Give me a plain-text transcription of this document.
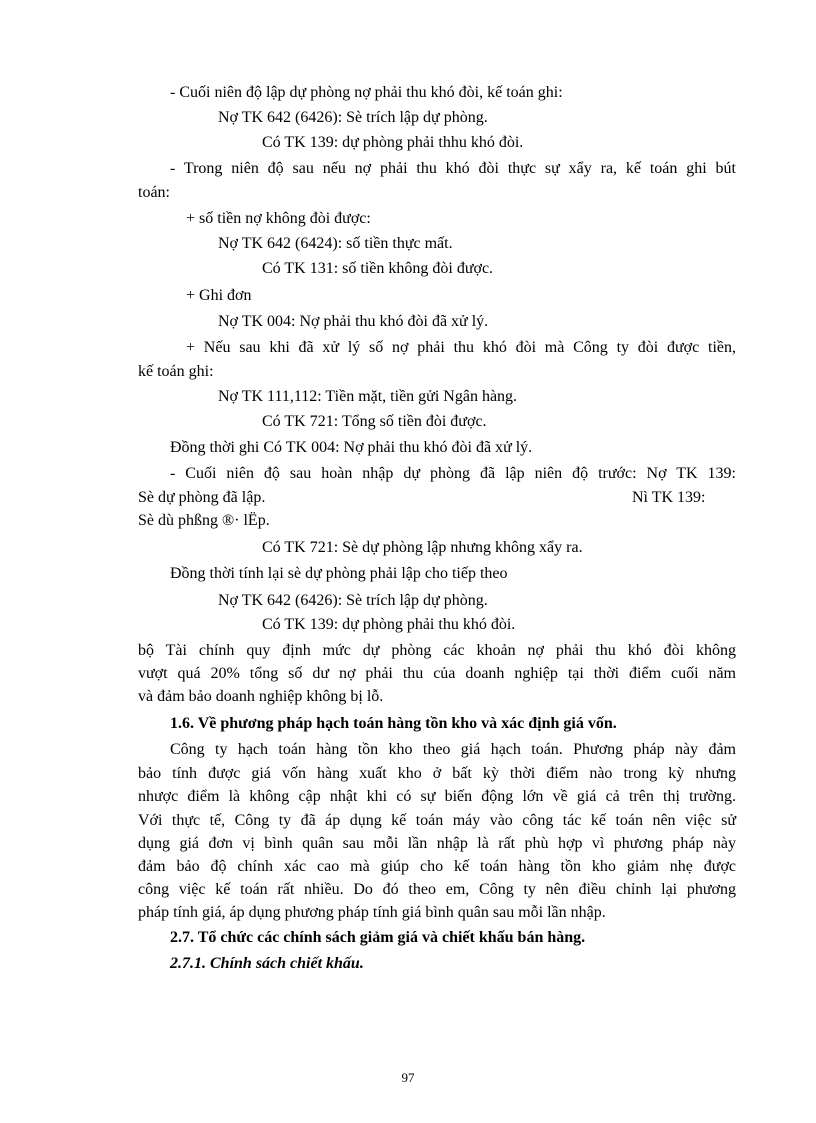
- Cuối niên độ lập dự phòng nợ phải thu khó đòi, kế toán ghi:
Nợ TK 642 (6426): Sè trích lập dự phòng.
Có TK 139: dự phòng phải thhu khó đòi.
- Trong niên độ sau nếu nợ phải thu khó đòi thực sự xẩy ra, kế toán ghi bút
toán:
+ số tiền nợ không đòi được:
Nợ TK 642 (6424): số tiền thực mất.
Có TK 131: số tiền không đòi được.
+ Ghi đơn
Nợ TK 004: Nợ phải thu khó đòi đã xử lý.
+ Nếu sau khi đã xử lý số nợ phải thu khó đòi mà Công ty đòi được tiền,
kế toán ghi:
Nợ TK 111,112: Tiền mặt, tiền gửi Ngân hàng.
Có TK 721: Tổng số tiền đòi được.
Đồng thời ghi Có TK 004: Nợ phải thu khó đòi đã xử lý.
- Cuối niên độ sau hoàn nhập dự phòng đã lập niên độ trước: Nợ TK 139:
Sè dự phòng đã lập.	Nì TK 139:
Sè dù phßng ®· lËp.
Có TK 721: Sè dự phòng lập nhưng không xẩy ra.
Đồng thời tính lại sè dự phòng phải lập cho tiếp theo
Nợ TK 642 (6426): Sè trích lập dự phòng.
Có TK 139: dự phòng phải thu khó đòi.
bộ Tài chính quy định mức dự phòng các khoản nợ phải thu khó đòi không
vượt quá 20% tổng số dư nợ phải thu của doanh nghiệp tại thời điểm cuối năm
và đảm bảo doanh nghiệp không bị lỗ.
1.6. Về phương pháp hạch toán hàng tồn kho và xác định giá vốn.
Công ty hạch toán hàng tồn kho theo giá hạch toán. Phương pháp này đảm
bảo tính được giá vốn hàng xuất kho ở bất kỳ thời điểm nào trong kỳ nhưng
nhược điểm là không cập nhật khi có sự biến động lớn về giá cả trên thị trường.
Với thực tế, Công ty đã áp dụng kế toán máy vào công tác kế toán nên việc sử
dụng giá đơn vị bình quân sau mỗi lần nhập là rất phù hợp vì phương pháp này
đảm bảo độ chính xác cao mà giúp cho kế toán hàng tồn kho giảm nhẹ được
công việc kế toán rất nhiều. Do đó theo em, Công ty nên điều chỉnh lại phương
pháp tính giá, áp dụng phương pháp tính giá bình quân sau mỗi lần nhập.
2.7. Tổ chức các chính sách giảm giá và chiết khấu bán hàng.
2.7.1. Chính sách chiết khấu.
97
